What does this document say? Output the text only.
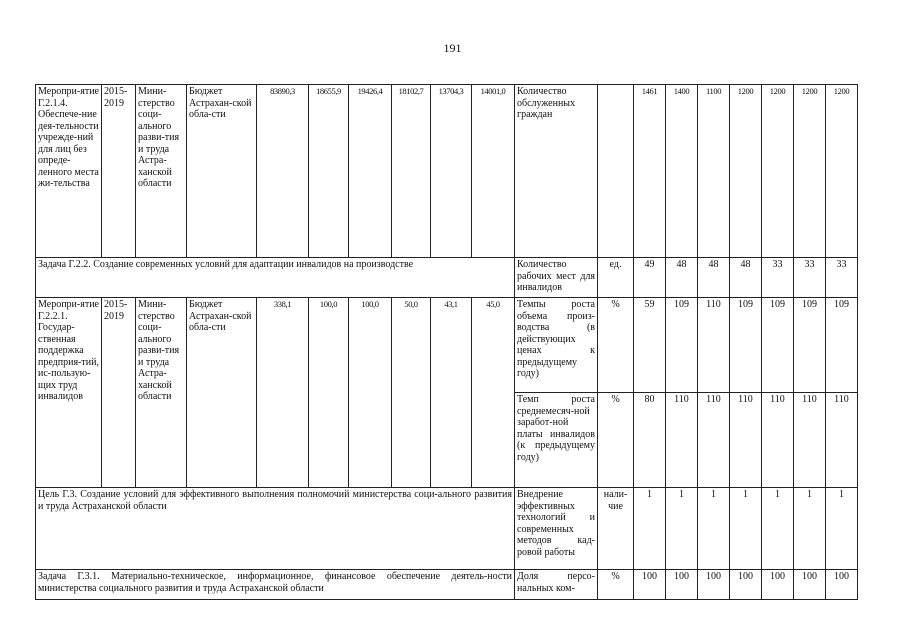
191
Меропри-ятие Г.2.1.4. Обеспече-ние дея-тельности учрежде-ний для лиц без опреде-ленного места жи-тельства	2015-2019	Мини-стерство соци-ального разви-тия и труда Астра-ханской области	Бюджет Астрахан-ской обла-сти	83890,3	18655,9	19426,4	18102,7	13704,3	14001,0	Количество обслуженных граждан		1461	1400	1100	1200	1200	1200	1200
Задача Г.2.2. Создание современных условий для адаптации инвалидов на производстве										Количество рабочих мест для инвалидов	ед.	49	48	48	48	33	33	33
Меропри-ятие Г.2.2.1. Государ-ственная поддержка предприя-тий, ис-пользую-щих труд инвалидов	2015-2019	Мини-стерство соци-ального разви-тия и труда Астра-ханской области	Бюджет Астрахан-ской обла-сти	338,1	100,0	100,0	50,0	43,1	45,0	Темпы роста объема произ-водства (в действующих ценах к предыдущему году)	%	59	109	110	109	109	109	109
										Темп роста среднемесяч-ной зарабoт-ной платы инвалидов (к предыдущему году)	%	80	110	110	110	110	110	110
Цель Г.3. Создание условий для эффективного выполнения полномочий министерства соци-ального развития и труда Астраханской области										Внедрение эффективных технологий и современных методов кад-ровой работы	нали-чие	1	1	1	1	1	1	1
Задача Г.3.1. Материально-техническое, информационное, финансовое обеспечение деятель-ности министерства социального развития и труда Астраханской области										Доля персо-нальных ком-	%	100	100	100	100	100	100	100
